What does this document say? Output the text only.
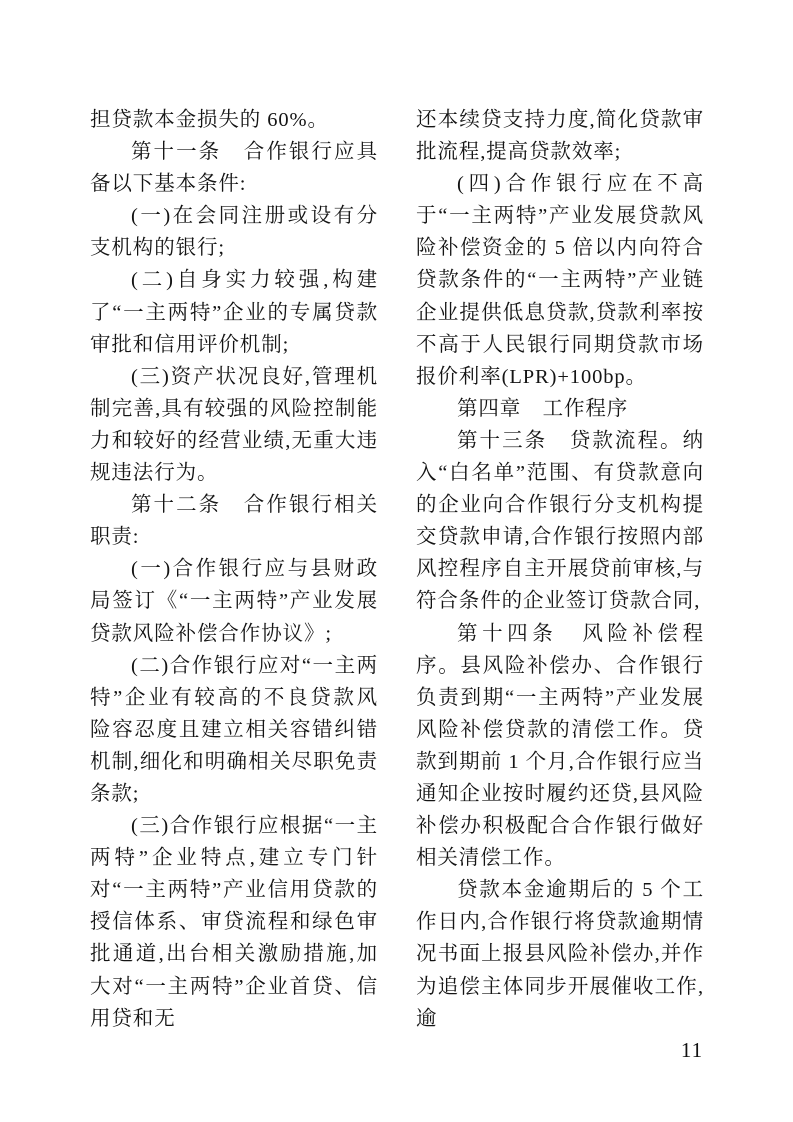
担贷款本金损失的 60%。

第十一条　合作银行应具备以下基本条件:

(一)在会同注册或设有分支机构的银行;

(二)自身实力较强,构建了“一主两特”企业的专属贷款审批和信用评价机制;

(三)资产状况良好,管理机制完善,具有较强的风险控制能力和较好的经营业绩,无重大违规违法行为。

第十二条　合作银行相关职责:

(一)合作银行应与县财政局签订《“一主两特”产业发展贷款风险补偿合作协议》;

(二)合作银行应对“一主两特”企业有较高的不良贷款风险容忍度且建立相关容错纠错机制,细化和明确相关尽职免责条款;

(三)合作银行应根据“一主两特”企业特点,建立专门针对“一主两特”产业信用贷款的授信体系、审贷流程和绿色审批通道,出台相关激励措施,加大对“一主两特”企业首贷、信用贷和无

还本续贷支持力度,简化贷款审批流程,提高贷款效率;

(四)合作银行应在不高于“一主两特”产业发展贷款风险补偿资金的 5 倍以内向符合贷款条件的“一主两特”产业链企业提供低息贷款,贷款利率按不高于人民银行同期贷款市场报价利率(LPR)+100bp。

第四章　工作程序

第十三条　贷款流程。纳入“白名单”范围、有贷款意向的企业向合作银行分支机构提交贷款申请,合作银行按照内部风控程序自主开展贷前审核,与符合条件的企业签订贷款合同,

第十四条　风险补偿程序。县风险补偿办、合作银行负责到期“一主两特”产业发展风险补偿贷款的清偿工作。贷款到期前 1 个月,合作银行应当通知企业按时履约还贷,县风险补偿办积极配合合作银行做好相关清偿工作。

贷款本金逾期后的 5 个工作日内,合作银行将贷款逾期情况书面上报县风险补偿办,并作为追偿主体同步开展催收工作,逾

11
